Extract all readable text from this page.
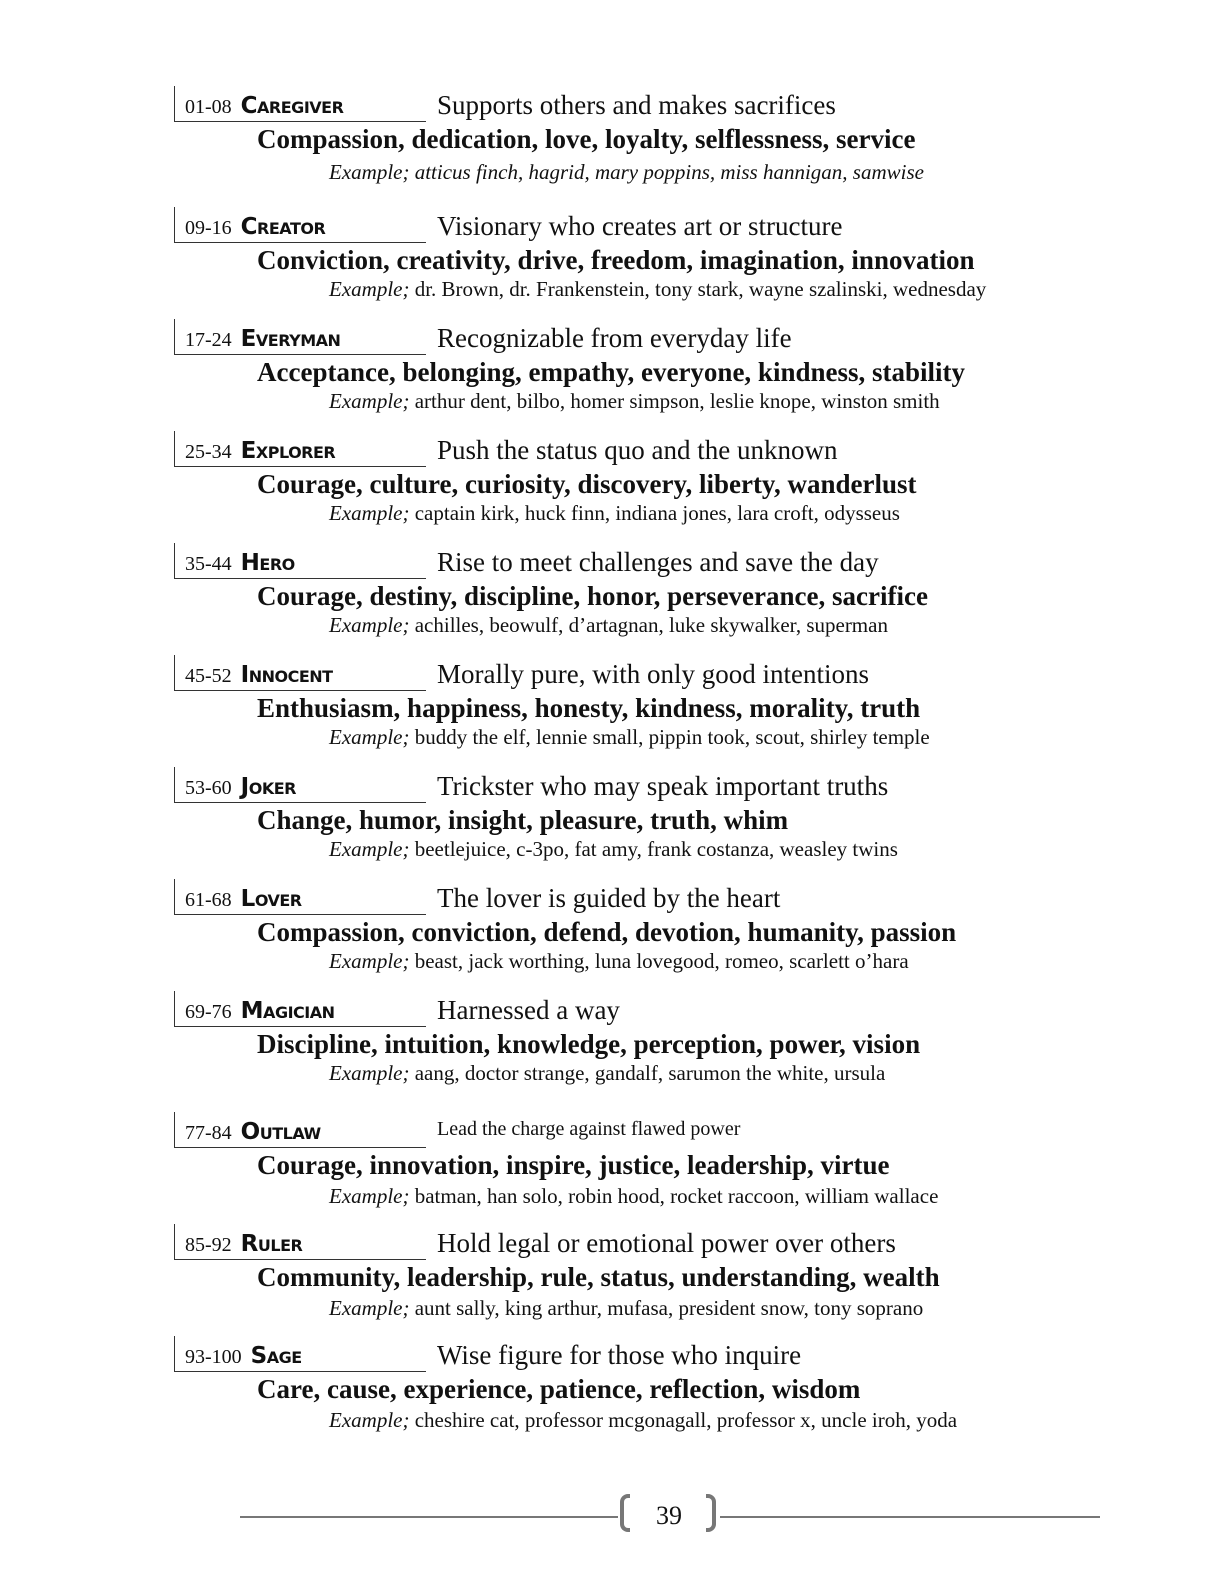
01-08 Caregiver	Supports others and makes sacrifices
Compassion, dedication, love, loyalty, selflessness, service
Example; atticus finch, hagrid, mary poppins, miss hannigan, samwise
09-16 Creator	Visionary who creates art or structure
Conviction, creativity, drive, freedom, imagination, innovation
Example; dr. Brown, dr. Frankenstein, tony stark, wayne szalinski, wednesday
17-24 Everyman	Recognizable from everyday life
Acceptance, belonging, empathy, everyone, kindness, stability
Example; arthur dent, bilbo, homer simpson, leslie knope, winston smith
25-34 Explorer	Push the status quo and the unknown
Courage, culture, curiosity, discovery, liberty, wanderlust
Example; captain kirk, huck finn, indiana jones, lara croft, odysseus
35-44 Hero	Rise to meet challenges and save the day
Courage, destiny, discipline, honor, perseverance, sacrifice
Example; achilles, beowulf, d’artagnan, luke skywalker, superman
45-52 Innocent	Morally pure, with only good intentions
Enthusiasm, happiness, honesty, kindness, morality, truth
Example; buddy the elf, lennie small, pippin took, scout, shirley temple
53-60 Joker	Trickster who may speak important truths
Change, humor, insight, pleasure, truth, whim
Example; beetlejuice, c-3po, fat amy, frank costanza, weasley twins
61-68 Lover	The lover is guided by the heart
Compassion, conviction, defend, devotion, humanity, passion
Example; beast, jack worthing, luna lovegood, romeo, scarlett o’hara
69-76 Magician	Harnessed a way
Discipline, intuition, knowledge, perception, power, vision
Example; aang, doctor strange, gandalf, sarumon the white, ursula
77-84 Outlaw	Lead the charge against flawed power
Courage, innovation, inspire, justice, leadership, virtue
Example; batman, han solo, robin hood, rocket raccoon, william wallace
85-92 Ruler	Hold legal or emotional power over others
Community, leadership, rule, status, understanding, wealth
Example; aunt sally, king arthur, mufasa, president snow, tony soprano
93-100 Sage	Wise figure for those who inquire
Care, cause, experience, patience, reflection, wisdom
Example; cheshire cat, professor mcgonagall, professor x, uncle iroh, yoda
39
